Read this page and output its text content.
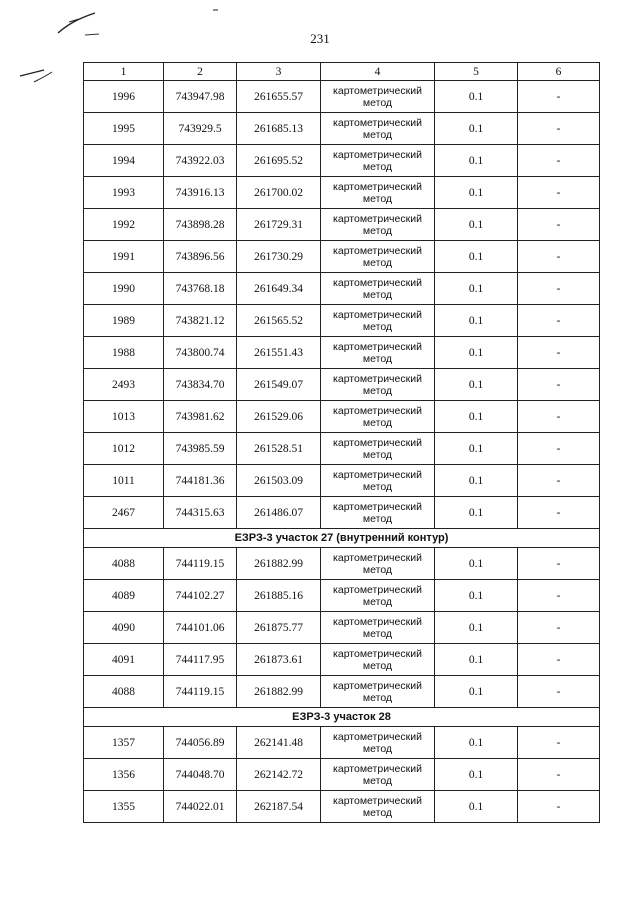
231
1	2	3	4	5	6
1996	743947.98	261655.57	картометрический метод	0.1	-
1995	743929.5	261685.13	картометрический метод	0.1	-
1994	743922.03	261695.52	картометрический метод	0.1	-
1993	743916.13	261700.02	картометрический метод	0.1	-
1992	743898.28	261729.31	картометрический метод	0.1	-
1991	743896.56	261730.29	картометрический метод	0.1	-
1990	743768.18	261649.34	картометрический метод	0.1	-
1989	743821.12	261565.52	картометрический метод	0.1	-
1988	743800.74	261551.43	картометрический метод	0.1	-
2493	743834.70	261549.07	картометрический метод	0.1	-
1013	743981.62	261529.06	картометрический метод	0.1	-
1012	743985.59	261528.51	картометрический метод	0.1	-
1011	744181.36	261503.09	картометрический метод	0.1	-
2467	744315.63	261486.07	картометрический метод	0.1	-
ЕЗРЗ-3 участок 27 (внутренний контур)					
4088	744119.15	261882.99	картометрический метод	0.1	-
4089	744102.27	261885.16	картометрический метод	0.1	-
4090	744101.06	261875.77	картометрический метод	0.1	-
4091	744117.95	261873.61	картометрический метод	0.1	-
4088	744119.15	261882.99	картометрический метод	0.1	-
ЕЗРЗ-3 участок 28					
1357	744056.89	262141.48	картометрический метод	0.1	-
1356	744048.70	262142.72	картометрический метод	0.1	-
1355	744022.01	262187.54	картометрический метод	0.1	-
